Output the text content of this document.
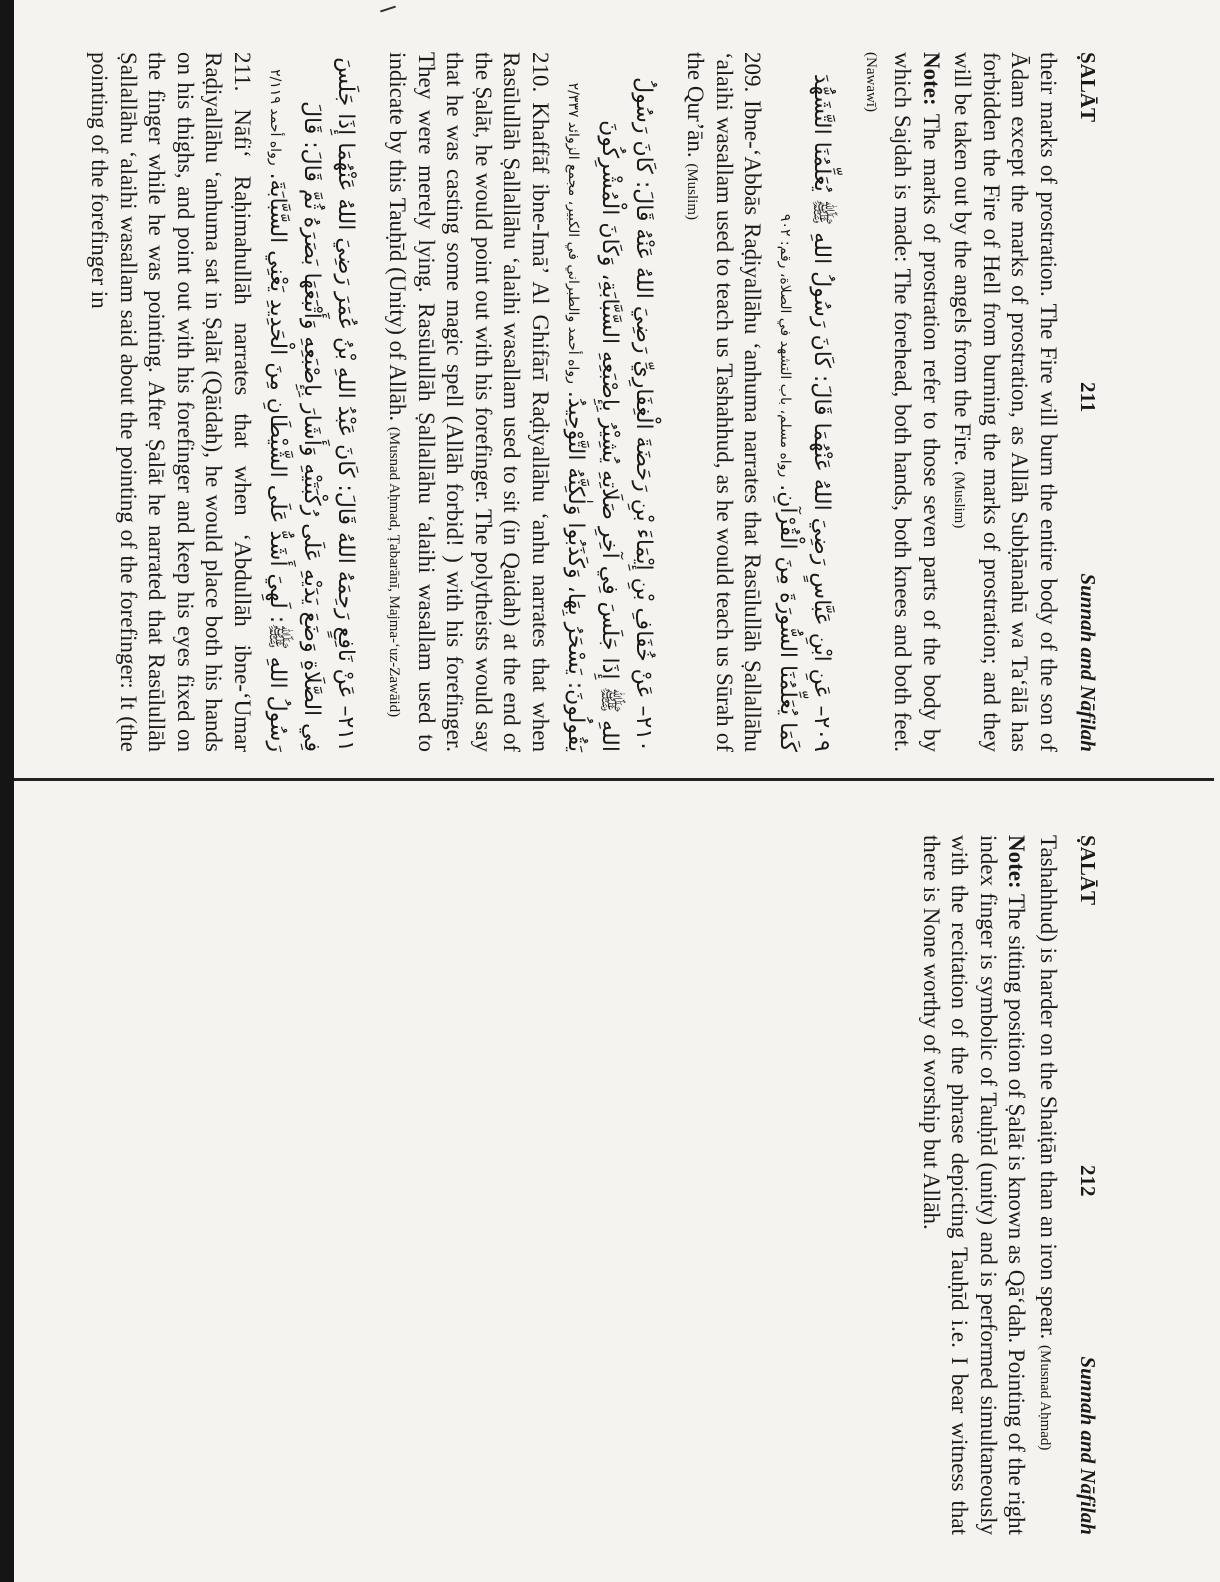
ṢALĀT
211
Sunnah and Nāfilah

their marks of prostration. The Fire will burn the entire body of the son of Ādam except the marks of prostration, as Allāh Subḥānahū wa Ta‘ālā has forbidden the Fire of Hell from burning the marks of prostration; and they will be taken out by the angels from the Fire. (Muslim)

Note: The marks of prostration refer to those seven parts of the body by which Sajdah is made: The forehead, both hands, both knees and both feet. (Nawawī)

٢٠٩– عَنِ ابْنِ عَبَّاسٍ رَضِيَ اللهُ عَنْهُمَا قَالَ: كَانَ رَسُولُ اللهِ ﷺ يُعَلِّمُنَا التَّشَهُّدَ كَمَا يُعَلِّمُنَا السُّورَةَ مِنَ الْقُرْآنِ. رواه مسلم، باب التشهد في الصلاة، رقم: ٩٠٢

209. Ibne-‘Abbās Raḍiyallāhu ‘anhuma narrates that Rasūlullāh Ṣallallāhu ‘alaihi wasallam used to teach us Tashahhud, as he would teach us Sūrah of the Qur’ān. (Muslim)

٢١٠– عَنْ خُفَافِ بْنِ إِيْمَاءَ بْنِ رَحَضَةَ الْغِفَارِيِّ رَضِيَ اللهُ عَنْهُ قَالَ: كَانَ رَسُولُ اللهِ ﷺ إِذَا جَلَسَ فِي آخِرِ صَلَاتِهِ يُشِيْرُ بِإِصْبَعِهِ السَّبَّابَةِ، وَكَانَ الْمُشْرِكُونَ يَقُولُونَ: يَسْحَرُ بِهَا، وَكَذَبُوا وَلٰكِنَّهُ التَّوْحِيدُ. رواه أحمد والطبراني في الكبير، مجمع الزوائد ٢/٣٣٧

210. Khaffāf ibne-Imā’ Al Ghifārī Raḍiyallāhu ‘anhu narrates that when Rasūlullāh Ṣallallāhu ‘alaihi wasallam used to sit (in Qaidah) at the end of the Ṣalāt, he would point out with his forefinger. The polytheists would say that he was casting some magic spell (Allāh forbid! ) with his forefinger. They were merely lying. Rasūlullāh Ṣallallāhu ‘alaihi wasallam used to indicate by this Tauḥīd (Unity) of Allāh. (Musnad Aḥmad, Ṭabarānī, Majma-‘uz-Zawāid)

٢١١– عَنْ نَافِعٍ رَحِمَهُ اللهُ قَالَ: كَانَ عَبْدُ اللهِ بْنُ عُمَرَ رَضِيَ اللهُ عَنْهُمَا إِذَا جَلَسَ فِي الصَّلَاةِ وَضَعَ يَدَيْهِ عَلَى رُكْبَتَيْهِ وَأَشَارَ بِإِصْبَعِهِ وَأَتْبَعَهَا بَصَرَهُ ثُمَّ قَالَ: قَالَ رَسُولُ اللهِ ﷺ: لَهِيَ أَشَدُّ عَلَى الشَّيْطَانِ مِنَ الْحَدِيدِ يَعْنِي السَّبَّابَةَ. رواه أحمد ٢/١١٩

211. Nāfi‘ Raḥimahullāh narrates that when ‘Abdullāh ibne-‘Umar Raḍiyallāhu ‘anhuma sat in Ṣalāt (Qāidah), he would place both his hands on his thighs, and point out with his forefinger and keep his eyes fixed on the finger while he was pointing. After Ṣalāt he narrated that Rasūlullāh Ṣallallāhu ‘alaihi wasallam said about the pointing of the forefinger: It (the pointing of the forefinger in

ṢALĀT
212
Sunnah and Nāfilah

Tashahhud) is harder on the Shaiṭān than an iron spear. (Musnad Aḥmad)

Note: The sitting position of Ṣalāt is known as Qā‘dah. Pointing of the right index finger is symbolic of Tauḥīd (unity) and is performed simultaneously with the recitation of the phrase depicting Tauḥīd i.e. I bear witness that there is None worthy of worship but Allāh.
